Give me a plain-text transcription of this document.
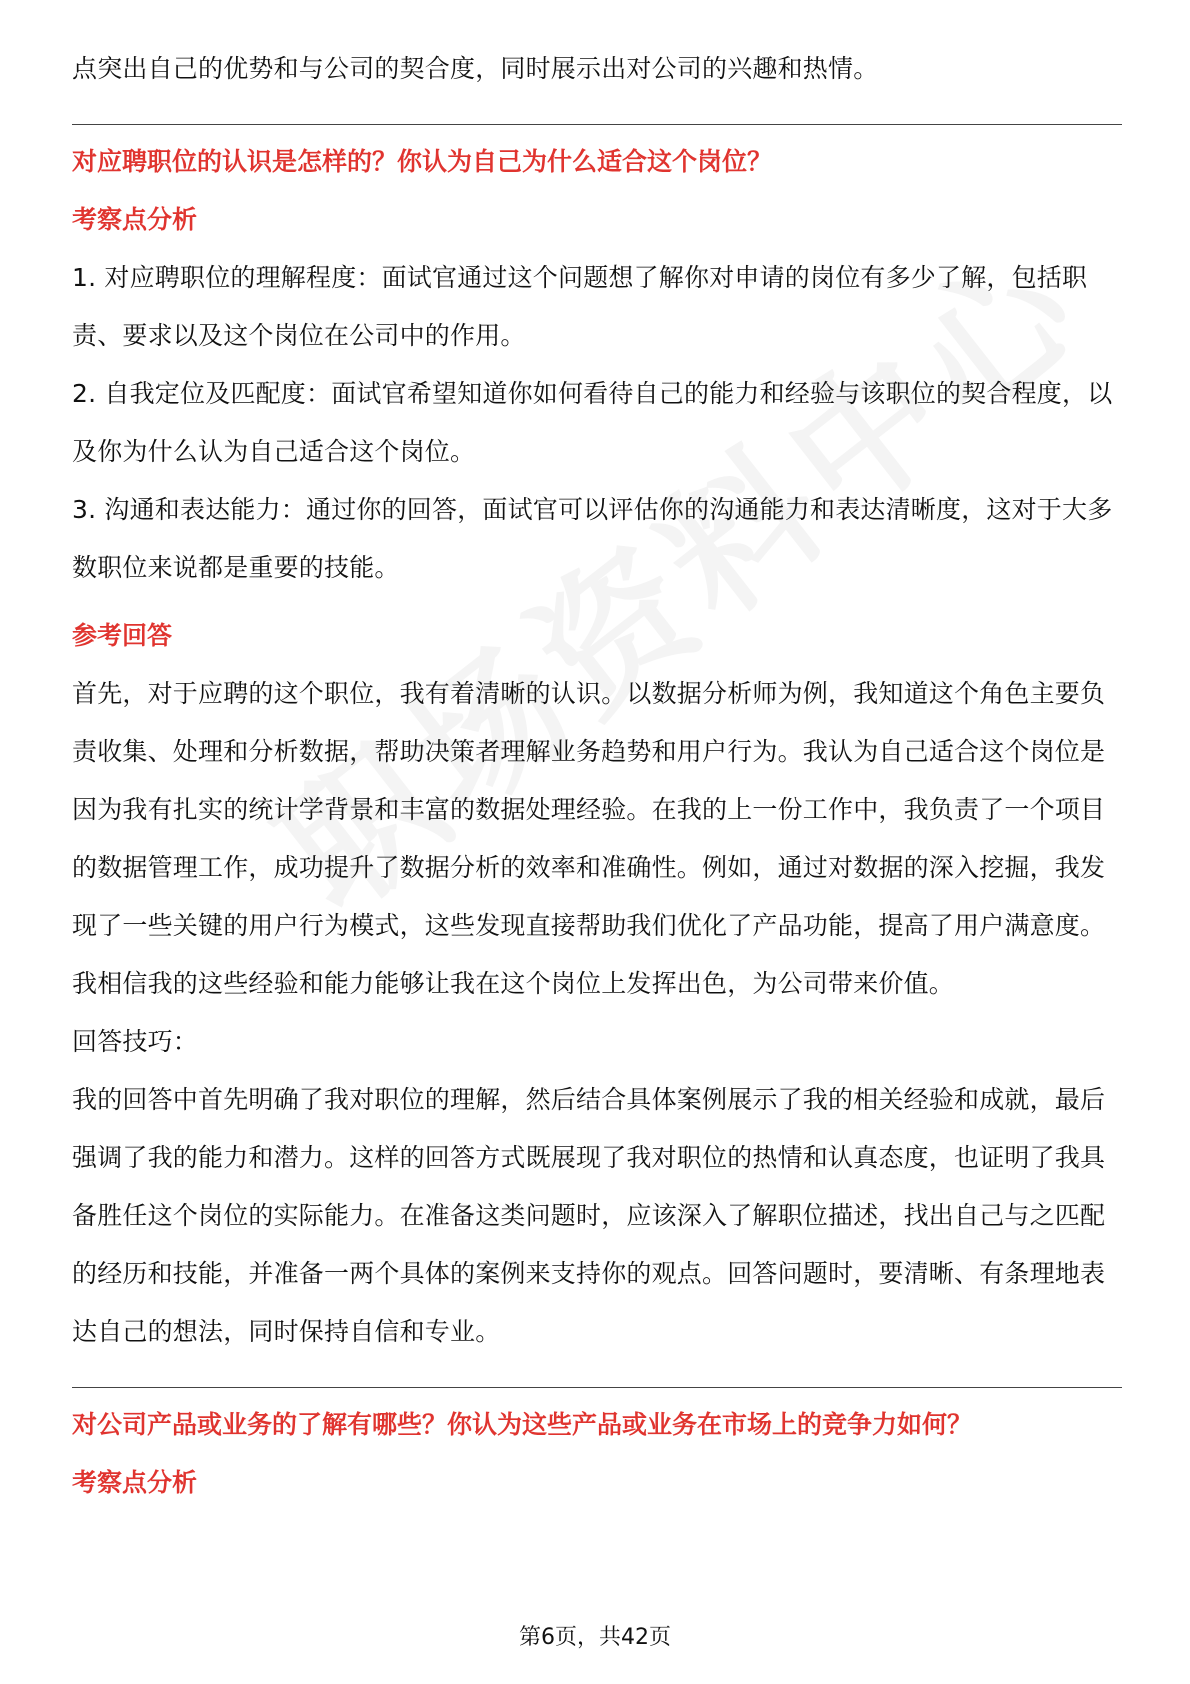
点突出自己的优势和与公司的契合度，同时展示出对公司的兴趣和热情。

对应聘职位的认识是怎样的？你认为自己为什么适合这个岗位？

考察点分析

1. 对应聘职位的理解程度：面试官通过这个问题想了解你对申请的岗位有多少了解，包括职责、要求以及这个岗位在公司中的作用。

2. 自我定位及匹配度：面试官希望知道你如何看待自己的能力和经验与该职位的契合程度，以及你为什么认为自己适合这个岗位。

3. 沟通和表达能力：通过你的回答，面试官可以评估你的沟通能力和表达清晰度，这对于大多数职位来说都是重要的技能。

参考回答

首先，对于应聘的这个职位，我有着清晰的认识。以数据分析师为例，我知道这个角色主要负责收集、处理和分析数据，帮助决策者理解业务趋势和用户行为。我认为自己适合这个岗位是因为我有扎实的统计学背景和丰富的数据处理经验。在我的上一份工作中，我负责了一个项目的数据管理工作，成功提升了数据分析的效率和准确性。例如，通过对数据的深入挖掘，我发现了一些关键的用户行为模式，这些发现直接帮助我们优化了产品功能，提高了用户满意度。我相信我的这些经验和能力能够让我在这个岗位上发挥出色，为公司带来价值。

回答技巧：

我的回答中首先明确了我对职位的理解，然后结合具体案例展示了我的相关经验和成就，最后强调了我的能力和潜力。这样的回答方式既展现了我对职位的热情和认真态度，也证明了我具备胜任这个岗位的实际能力。在准备这类问题时，应该深入了解职位描述，找出自己与之匹配的经历和技能，并准备一两个具体的案例来支持你的观点。回答问题时，要清晰、有条理地表达自己的想法，同时保持自信和专业。

对公司产品或业务的了解有哪些？你认为这些产品或业务在市场上的竞争力如何？

考察点分析

第6页，共42页
